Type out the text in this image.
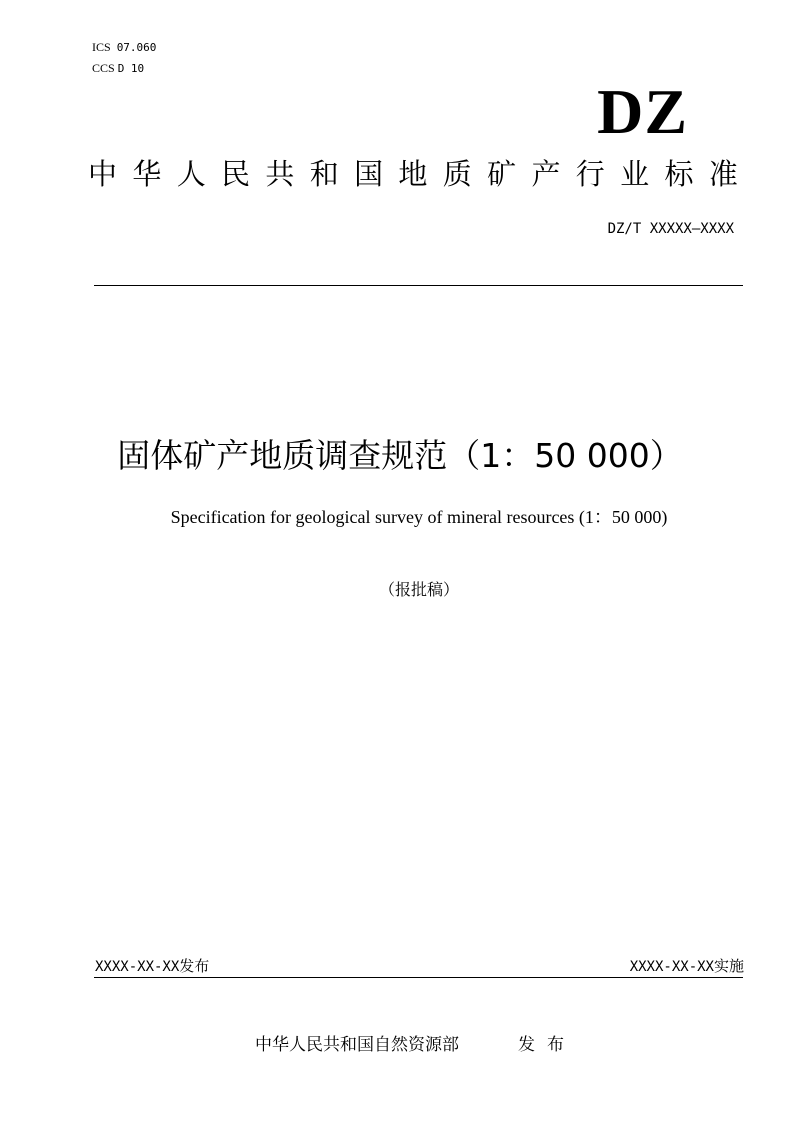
ICS 07.060
CCS D 10
DZ
中 华 人 民 共 和 国 地 质 矿 产 行 业 标 准
DZ/T XXXXX—XXXX
固体矿产地质调查规范（1：50 000）
Specification for geological survey of mineral resources (1：50 000)
（报批稿）
XXXX-XX-XX发布	XXXX-XX-XX实施
中华人民共和国自然资源部	发布
